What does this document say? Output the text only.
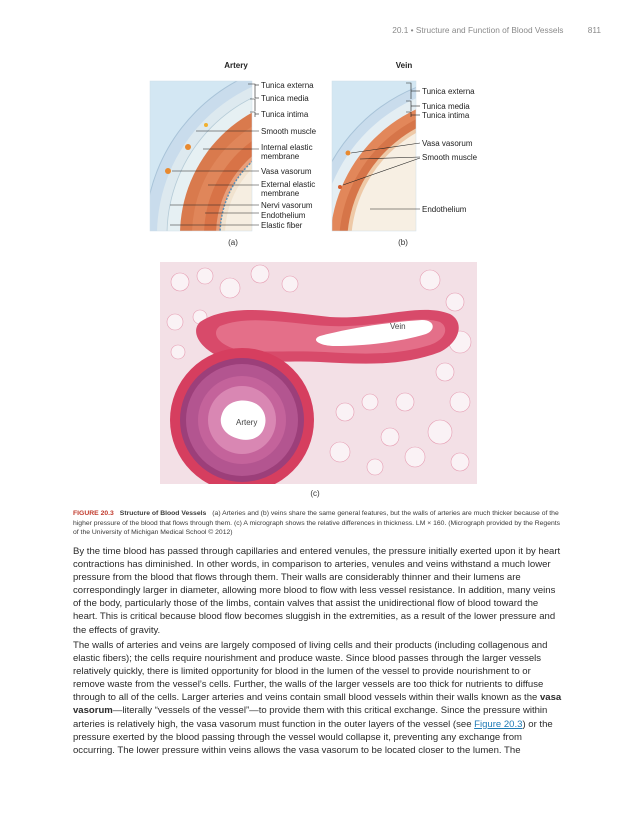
20.1 • Structure and Function of Blood Vessels	811
Artery	Vein
Tunica externa
Tunica media
Tunica intima
Smooth muscle
Internal elastic
membrane
Vasa vasorum
External elastic
membrane
Nervi vasorum
Endothelium
Elastic fiber
Tunica externa
Tunica media
Tunica intima
Vasa vasorum
Smooth muscle
Endothelium
(a)	(b)
Vein
Artery
(c)
FIGURE 20.3 Structure of Blood Vessels (a) Arteries and (b) veins share the same general features, but the walls of arteries are much thicker because of the higher pressure of the blood that flows through them. (c) A micrograph shows the relative differences in thickness. LM × 160. (Micrograph provided by the Regents of the University of Michigan Medical School © 2012)

By the time blood has passed through capillaries and entered venules, the pressure initially exerted upon it by heart contractions has diminished. In other words, in comparison to arteries, venules and veins withstand a much lower pressure from the blood that flows through them. Their walls are considerably thinner and their lumens are correspondingly larger in diameter, allowing more blood to flow with less vessel resistance. In addition, many veins of the body, particularly those of the limbs, contain valves that assist the unidirectional flow of blood toward the heart. This is critical because blood flow becomes sluggish in the extremities, as a result of the lower pressure and the effects of gravity.

The walls of arteries and veins are largely composed of living cells and their products (including collagenous and elastic fibers); the cells require nourishment and produce waste. Since blood passes through the larger vessels relatively quickly, there is limited opportunity for blood in the lumen of the vessel to provide nourishment to or remove waste from the vessel’s cells. Further, the walls of the larger vessels are too thick for nutrients to diffuse through to all of the cells. Larger arteries and veins contain small blood vessels within their walls known as the vasa vasorum—literally “vessels of the vessel”—to provide them with this critical exchange. Since the pressure within arteries is relatively high, the vasa vasorum must function in the outer layers of the vessel (see Figure 20.3) or the pressure exerted by the blood passing through the vessel would collapse it, preventing any exchange from occurring. The lower pressure within veins allows the vasa vasorum to be located closer to the lumen. The
